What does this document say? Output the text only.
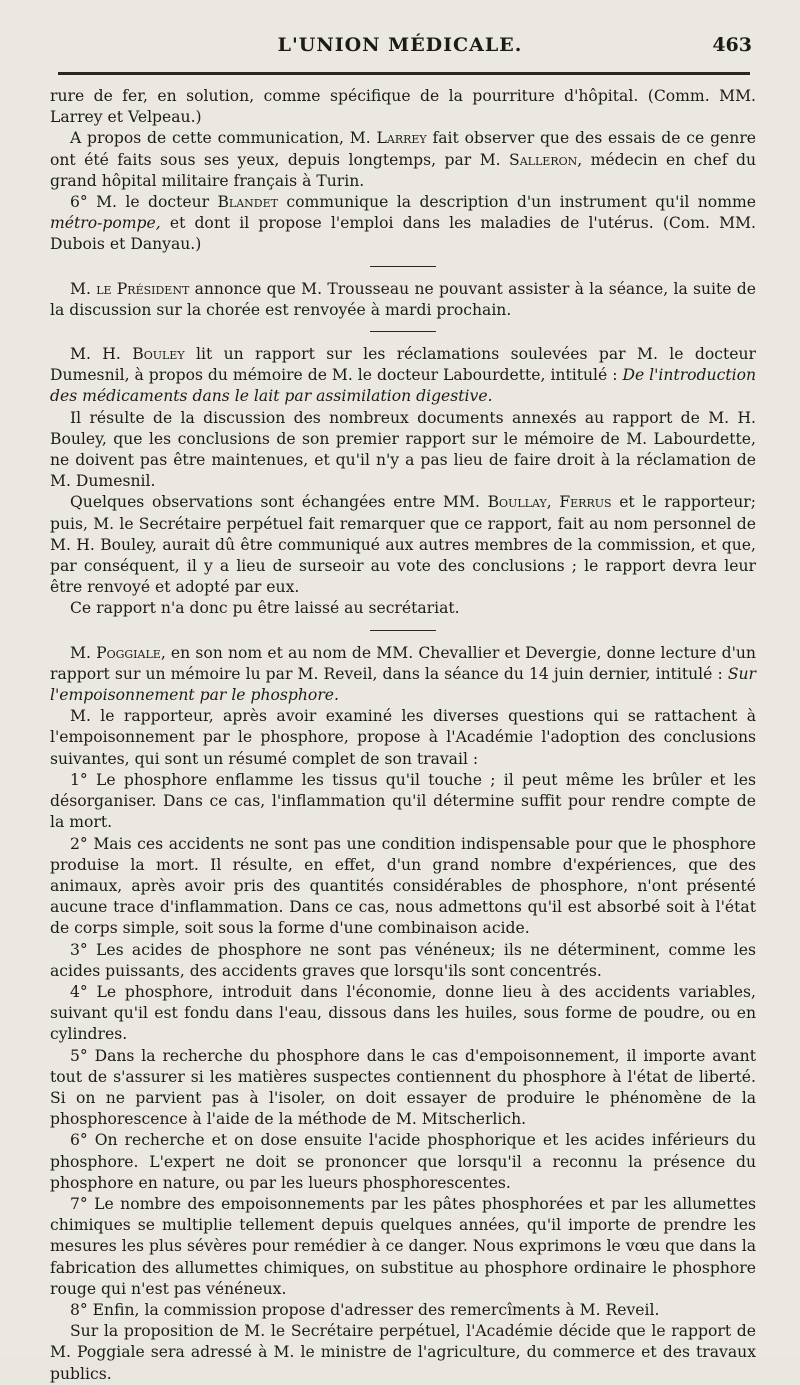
L'UNION MÉDICALE.	463

rure de fer, en solution, comme spécifique de la pourriture d'hôpital. (Comm. MM. Larrey et Velpeau.)

A propos de cette communication, M. Larrey fait observer que des essais de ce genre ont été faits sous ses yeux, depuis longtemps, par M. Salleron, médecin en chef du grand hôpital militaire français à Turin.

6° M. le docteur Blandet communique la description d'un instrument qu'il nomme métro-pompe, et dont il propose l'emploi dans les maladies de l'utérus. (Com. MM. Dubois et Danyau.)

M. le Président annonce que M. Trousseau ne pouvant assister à la séance, la suite de la discussion sur la chorée est renvoyée à mardi prochain.

M. H. Bouley lit un rapport sur les réclamations soulevées par M. le docteur Dumesnil, à propos du mémoire de M. le docteur Labourdette, intitulé : De l'introduction des médicaments dans le lait par assimilation digestive.

Il résulte de la discussion des nombreux documents annexés au rapport de M. H. Bouley, que les conclusions de son premier rapport sur le mémoire de M. Labourdette, ne doivent pas être maintenues, et qu'il n'y a pas lieu de faire droit à la réclamation de M. Dumesnil.

Quelques observations sont échangées entre MM. Boullay, Ferrus et le rapporteur; puis, M. le Secrétaire perpétuel fait remarquer que ce rapport, fait au nom personnel de M. H. Bouley, aurait dû être communiqué aux autres membres de la commission, et que, par conséquent, il y a lieu de surseoir au vote des conclusions ; le rapport devra leur être renvoyé et adopté par eux.

Ce rapport n'a donc pu être laissé au secrétariat.

M. Poggiale, en son nom et au nom de MM. Chevallier et Devergie, donne lecture d'un rapport sur un mémoire lu par M. Reveil, dans la séance du 14 juin dernier, intitulé : Sur l'empoisonnement par le phosphore.

M. le rapporteur, après avoir examiné les diverses questions qui se rattachent à l'empoisonnement par le phosphore, propose à l'Académie l'adoption des conclusions suivantes, qui sont un résumé complet de son travail :

1° Le phosphore enflamme les tissus qu'il touche ; il peut même les brûler et les désorganiser. Dans ce cas, l'inflammation qu'il détermine suffit pour rendre compte de la mort.

2° Mais ces accidents ne sont pas une condition indispensable pour que le phosphore produise la mort. Il résulte, en effet, d'un grand nombre d'expériences, que des animaux, après avoir pris des quantités considérables de phosphore, n'ont présenté aucune trace d'inflammation. Dans ce cas, nous admettons qu'il est absorbé soit à l'état de corps simple, soit sous la forme d'une combinaison acide.

3° Les acides de phosphore ne sont pas vénéneux; ils ne déterminent, comme les acides puissants, des accidents graves que lorsqu'ils sont concentrés.

4° Le phosphore, introduit dans l'économie, donne lieu à des accidents variables, suivant qu'il est fondu dans l'eau, dissous dans les huiles, sous forme de poudre, ou en cylindres.

5° Dans la recherche du phosphore dans le cas d'empoisonnement, il importe avant tout de s'assurer si les matières suspectes contiennent du phosphore à l'état de liberté. Si on ne parvient pas à l'isoler, on doit essayer de produire le phénomène de la phosphorescence à l'aide de la méthode de M. Mitscherlich.

6° On recherche et on dose ensuite l'acide phosphorique et les acides inférieurs du phosphore. L'expert ne doit se prononcer que lorsqu'il a reconnu la présence du phosphore en nature, ou par les lueurs phosphorescentes.

7° Le nombre des empoisonnements par les pâtes phosphorées et par les allumettes chimiques se multiplie tellement depuis quelques années, qu'il importe de prendre les mesures les plus sévères pour remédier à ce danger. Nous exprimons le vœu que dans la fabrication des allumettes chimiques, on substitue au phosphore ordinaire le phosphore rouge qui n'est pas vénéneux.

8° Enfin, la commission propose d'adresser des remercîments à M. Reveil.

Sur la proposition de M. le Secrétaire perpétuel, l'Académie décide que le rapport de M. Poggiale sera adressé à M. le ministre de l'agriculture, du commerce et des travaux publics.
